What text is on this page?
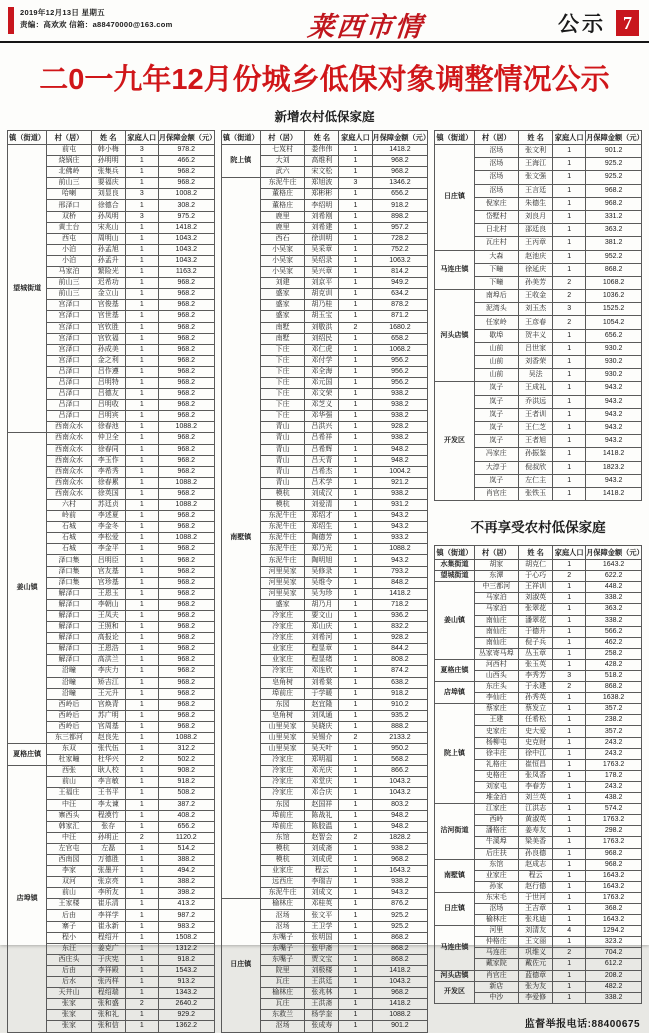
2019年12月13日 星期五
责编：高欢欢 信箱：a88470000@163.com	莱西市情	公示 7
二0一九年12月份城乡低保对象调整情况公示
新增农村低保家庭
镇（街道）	村（居）	姓 名	家庭人口	月保障金额（元）
望城街道	前屯	韩小梅	3	978.2
	烧锅庄	孙明明	1	466.2
	北佛岭	张集兵	1	968.2
	前山三	要福庆	1	968.2
	哈喇	刘显良	3	1008.2
	邢泽口	徐德合	1	308.2
	双桥	孙凤明	3	975.2
	黄土台	宋兆山	1	1418.2
	西屯	周明山	1	1043.2
	小泊	孙孟旭	1	1043.2
	小泊	孙孟升	1	1043.2
	马家泊	繁险光	1	1163.2
	前山三	迟希功	1	968.2
	前山三	金立山	1	968.2
	宫泽口	宫俊基	1	968.2
	宫泽口	宫世基	1	968.2
	宫泽口	宫钦胜	1	968.2
	宫泽口	宫钦福	1	968.2
	宫泽口	孙成美	1	968.2
	宫泽口	金之利	1	968.2
	吕泽口	吕作遵	1	968.2
	吕泽口	吕明特	1	968.2
	吕泽口	吕德友	1	968.2
	吕泽口	吕明收	1	968.2
	吕泽口	吕明宾	1	968.2
	西南众水	徐春池	1	1088.2
姜山镇	西南众水	仲卫全	1	968.2
	西南众水	徐春同	1	968.2
	西南众水	李玉作	1	968.2
	西南众水	李希秀	1	968.2
	西南众水	徐春累	1	1088.2
	西南众水	徐英国	1	968.2
	六村	苏廷贞	1	1088.2
	岭前	李述夏	1	968.2
	石城	李金冬	1	968.2
	石城	李松爱	1	1088.2
	石城	李金平	1	968.2
	泽口集	吕明臣	1	968.2
	泽口集	宫友基	1	968.2
	泽口集	宫珍基	1	968.2
	解泽口	王恩玉	1	968.2
	解泽口	李朝山	1	968.2
	解泽口	王凤夫	1	968.2
	解泽口	王照和	1	968.2
	解泽口	高报论	1	968.2
	解泽口	王恩浩	1	968.2
	解泽口	高洪兰	1	968.2
	沿疃	李庆力	1	968.2
	沿疃	矫吉江	1	968.2
	沿疃	王元升	1	968.2
	西岭后	宫焕青	1	968.2
	西岭后	苏广明	1	968.2
	西岭后	宫周基	1	968.2
	东三都河	赵良先	1	1088.2
夏格庄镇	东双	张代伍	1	312.2
	杜家疃	杜华兴	2	502.2
店埠镇	西张	耿人校	1	908.2
	前山	李言敏	1	918.2
	王福庄	王书平	1	508.2
	中汪	李太谏	1	387.2
	寨西头	程漠竹	1	408.2
	韩家汇	张存	1	656.2
	中汪	孙明正	2	1120.2
	左官屯	左磊	1	514.2
	西南园	万德胜	1	388.2
	李家	张墨开	1	494.2
	双河	张京亮	1	388.2
	前山	李所友	1	398.2
	王家楼	崔乐清	1	413.2
	后由	李祥学	1	987.2
	寨子	崔永新	1	983.2
	程小	程绍开	1	1508.2
	东汪	姜克广	1	1312.2
	西庄头	于庆宪	1	918.2
	后由	李祥殿	1	1543.2
	后水	张丙样	1	913.2
	天井山	程绍瑞	1	1343.2
	张家	张和盛	2	2640.2
	张家	张和礼	1	929.2
	张家	张和信	1	1362.2
镇（街道）	村（居）	姓 名	家庭人口	月保障金额（元）
院上镇	七岌村	娄伟伟	1	1418.2
	大刘	高维利	1	968.2
	武六	宋文松	1	968.2
南墅镇	东泥牛庄	郑旭波	3	1346.2
	董格庄	郑彬彬	1	656.2
	董格庄	李绍明	1	918.2
	鹿里	刘希刚	1	898.2
	鹿里	刘希建	1	957.2
	西石	徐训明	1	728.2
	小吴家	吴采章	1	752.2
	小吴家	吴绍录	1	1063.2
	小吴家	吴兴章	1	814.2
	刘建	刘京平	1	949.2
	盛家	胡克训	1	634.2
	盛家	胡乃桂	1	878.2
	盛家	胡玉宝	1	871.2
	南墅	刘敬洪	2	1680.2
	南墅	刘绍民	1	658.2
	下庄	邓仁虎	1	1068.2
	下庄	邓付学	1	956.2
	下庄	邓全海	1	956.2
	下庄	邓元国	1	956.2
	下庄	邓文荣	1	938.2
	下庄	邓芝义	1	938.2
	下庄	邓华强	1	938.2
	青山	吕洪兴	1	928.2
	青山	吕希祥	1	938.2
	青山	吕希辉	1	948.2
	青山	吕天青	1	948.2
	青山	吕希杰	1	1004.2
	青山	吕术学	1	921.2
	模杭	刘成汉	1	938.2
	模杭	刘爱清	1	931.2
	东泥牛庄	郑绍才	1	943.2
	东泥牛庄	郑绍生	1	943.2
	东泥牛庄	陶德芳	1	933.2
	东泥牛庄	郑乃光	1	1088.2
	东泥牛庄	陶明旭	1	943.2
	河里吴家	吴修录	1	793.2
	河里吴家	吴维令	1	848.2
	河里吴家	吴为珍	1	1418.2
	盛家	胡乃月	1	718.2
	冷家庄	要文山	1	936.2
	冷家庄	郑山庆	1	832.2
	冷家庄	刘希河	1	928.2
	业家庄	程显章	1	844.2
	业家庄	程显绪	1	808.2
	冷家庄	邓连欣	1	874.2
	皂角树	刘希棠	1	638.2
	埠前庄	于学暖	1	918.2
	东园	赵宜隆	1	910.2
	皂角树	刘凤通	1	935.2
	山里吴家	吴晓庆	1	888.2
	山里吴家	吴锡介	2	2133.2
	山里吴家	吴天叶	1	950.2
	冷家庄	郑明福	1	568.2
	冷家庄	邓光庆	1	866.2
	冷家庄	邓堂庆	1	1043.2
	冷家庄	邓合庆	1	1043.2
	东园	赵国祥	1	803.2
	埠前庄	陈战礼	1	948.2
	埠前庄	陈胶温	1	948.2
	东馆	赵智会	2	1828.2
	模杭	刘成斋	1	938.2
	模杭	刘成虎	1	968.2
	业家庄	程云	1	1643.2
	远西庄	李瑞吉	1	938.2
	东泥牛庄	刘成文	1	943.2
日庄镇	榆林庄	邓桂英	1	876.2
	沤场	张文平	1	925.2
	沤场	王卫学	1	925.2
	东嘴子	张明国	1	868.2
	东嘴子	张甲斋	1	868.2
	东嘴子	贾文宝	1	868.2
	院里	刘极楼	1	1418.2
	瓦庄	王洪廷	1	1043.2
	榆林庄	张兆林	1	968.2
	瓦庄	王洪斋	1	1418.2
	东救兰	杨学奎	1	1088.2
	沤场	张成寿	1	901.2
镇（街道）	村（居）	姓 名	家庭人口	月保障金额（元）
日庄镇	沤场	张文利	1	901.2
	沤场	王海江	1	925.2
	沤场	张文强	1	925.2
	沤场	王言廷	1	968.2
	倪家庄	朱德生	1	968.2
	岱墅村	刘良月	1	331.2
	日北村	邵廷良	1	363.2
	瓦庄村	王丙章	1	381.2
马连庄镇	大森	赵池庆	1	952.2
	下疃	徐延庆	1	868.2
	下疃	孙美芳	2	1068.2
河头店镇	南埠后	王收金	2	1036.2
	泥湾头	刘玉杰	3	1525.2
	任家岭	王彦春	2	1054.2
	歇埠	贺丰义	1	656.2
	山前	吕世家	1	930.2
	山前	刘香荣	1	930.2
	山前	吴法	1	930.2
开发区	岚子	王成礼	1	943.2
	岚子	乔洪远	1	943.2
	岚子	王者训	1	943.2
	岚子	王仁芝	1	943.2
	岚子	王者旭	1	943.2
	冯家庄	孙振鉴	1	1418.2
	大淳于	倪叔欣	1	1823.2
	岚子	左仁主	1	943.2
	肖官庄	张铁玉	1	1418.2
不再享受农村低保家庭
镇（街道）	村（居）	姓 名	家庭人口	月保障金额（元）
水集街道	胡家	胡克仁	1	1643.2
望城街道	东潭	于心巧	2	622.2
姜山镇	中三都河	王祥训	1	448.2
	马家泊	刘淑英	1	338.2
	马家泊	张翠花	1	363.2
	南仙庄	潘翠花	1	338.2
	南仙庄	于德升	1	566.2
	南仙庄	倪子兵	1	462.2
	丛家寄马埠	丛玉章	1	258.2
夏格庄镇	河西村	张玉英	1	428.2
	山西头	李秀芳	3	518.2
店埠镇	东庄头	于永建	2	868.2
	李仙庄	孙秀英	1	1638.2
院上镇	蔡家庄	蔡发立	1	357.2
	王建	任希松	1	238.2
	史家庄	史大爱	1	357.2
	杨柳屯	史克财	1	243.2
	徐丰庄	徐中江	1	243.2
	礼格庄	崔恒昌	1	1763.2
	史格庄	张凤香	1	178.2
	刘家屯	李春芳	1	243.2
	堆金泊	刘兰英	1	438.2
沽河街道	江家庄	江洪志	1	574.2
	西岭	黄淑英	1	1763.2
	潘格庄	姜寿友	1	298.2
	牛溪埠	梁美香	1	1763.2
	后庄扶	孙良德	1	968.2
南墅镇	东馆	赵成志	1	968.2
	业家庄	程云	1	1643.2
	孙家	赵行德	1	1643.2
日庄镇	东宋毛	于世河	1	1763.2
	沤场	王吉章	1	368.2
	榆林庄	张兆迪	1	1643.2
马连庄镇	河里	刘清友	4	1294.2
	仲格庄	王文丽	1	323.2
	马连庄	巩维义	2	704.2
	戴家院	戴佐元	1	612.2
河头店镇	肖官庄	蓝德章	1	208.2
开发区	新店	张为友	1	482.2
	中沙	李爱修	1	338.2
监督举报电话:88400675
